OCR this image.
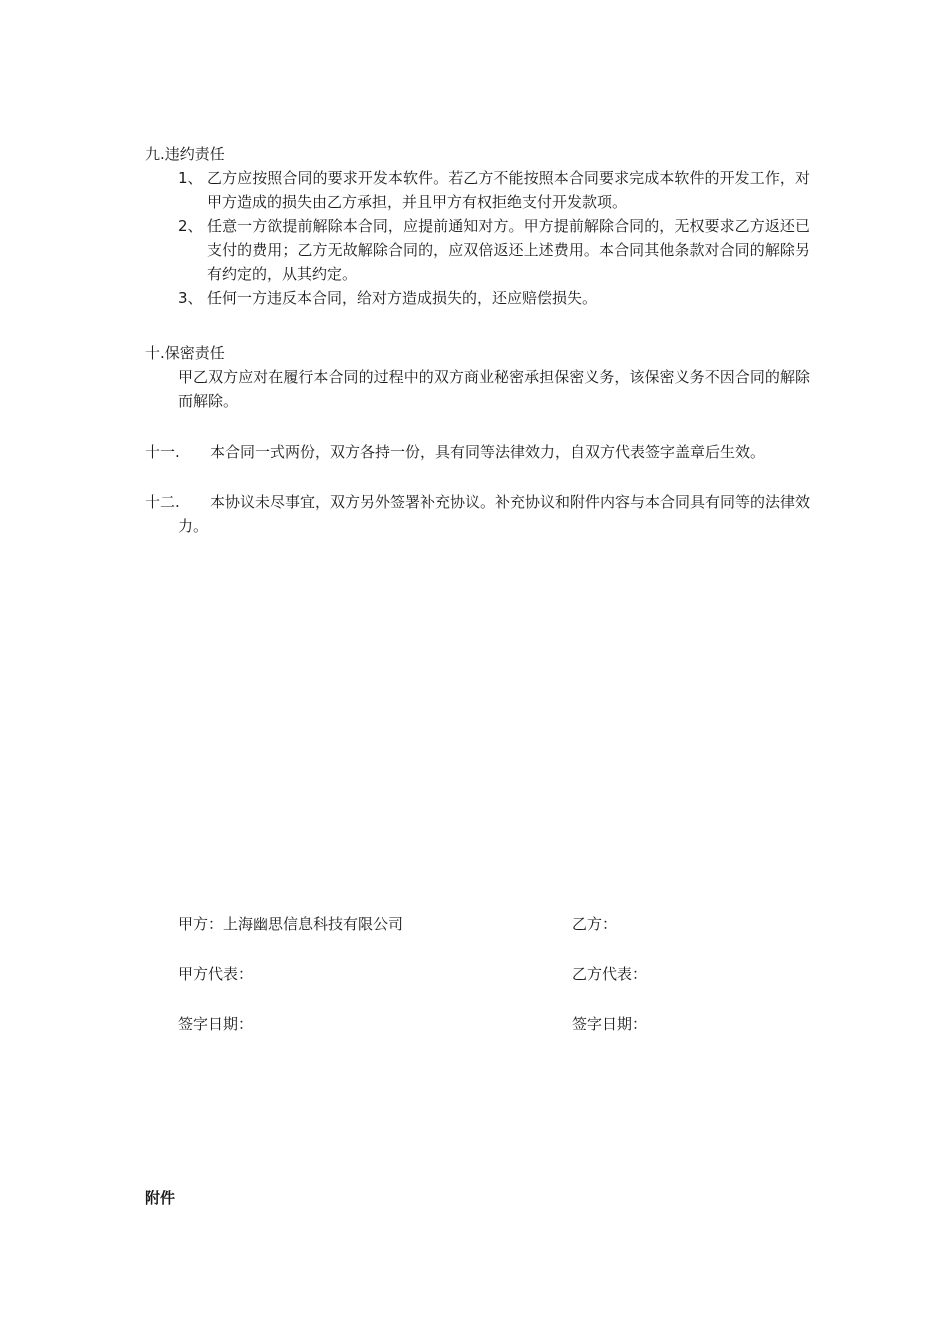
九.违约责任
1、 乙方应按照合同的要求开发本软件。若乙方不能按照本合同要求完成本软件的开发工作，对甲方造成的损失由乙方承担，并且甲方有权拒绝支付开发款项。
2、 任意一方欲提前解除本合同，应提前通知对方。甲方提前解除合同的，无权要求乙方返还已支付的费用；乙方无故解除合同的，应双倍返还上述费用。本合同其他条款对合同的解除另有约定的，从其约定。
3、 任何一方违反本合同，给对方造成损失的，还应赔偿损失。
十.保密责任
甲乙双方应对在履行本合同的过程中的双方商业秘密承担保密义务，该保密义务不因合同的解除而解除。
十一. 本合同一式两份，双方各持一份，具有同等法律效力，自双方代表签字盖章后生效。
十二. 本协议未尽事宜，双方另外签署补充协议。补充协议和附件内容与本合同具有同等的法律效力。
甲方：上海幽思信息科技有限公司	乙方：
甲方代表：	乙方代表：
签字日期：	签字日期：
附件
